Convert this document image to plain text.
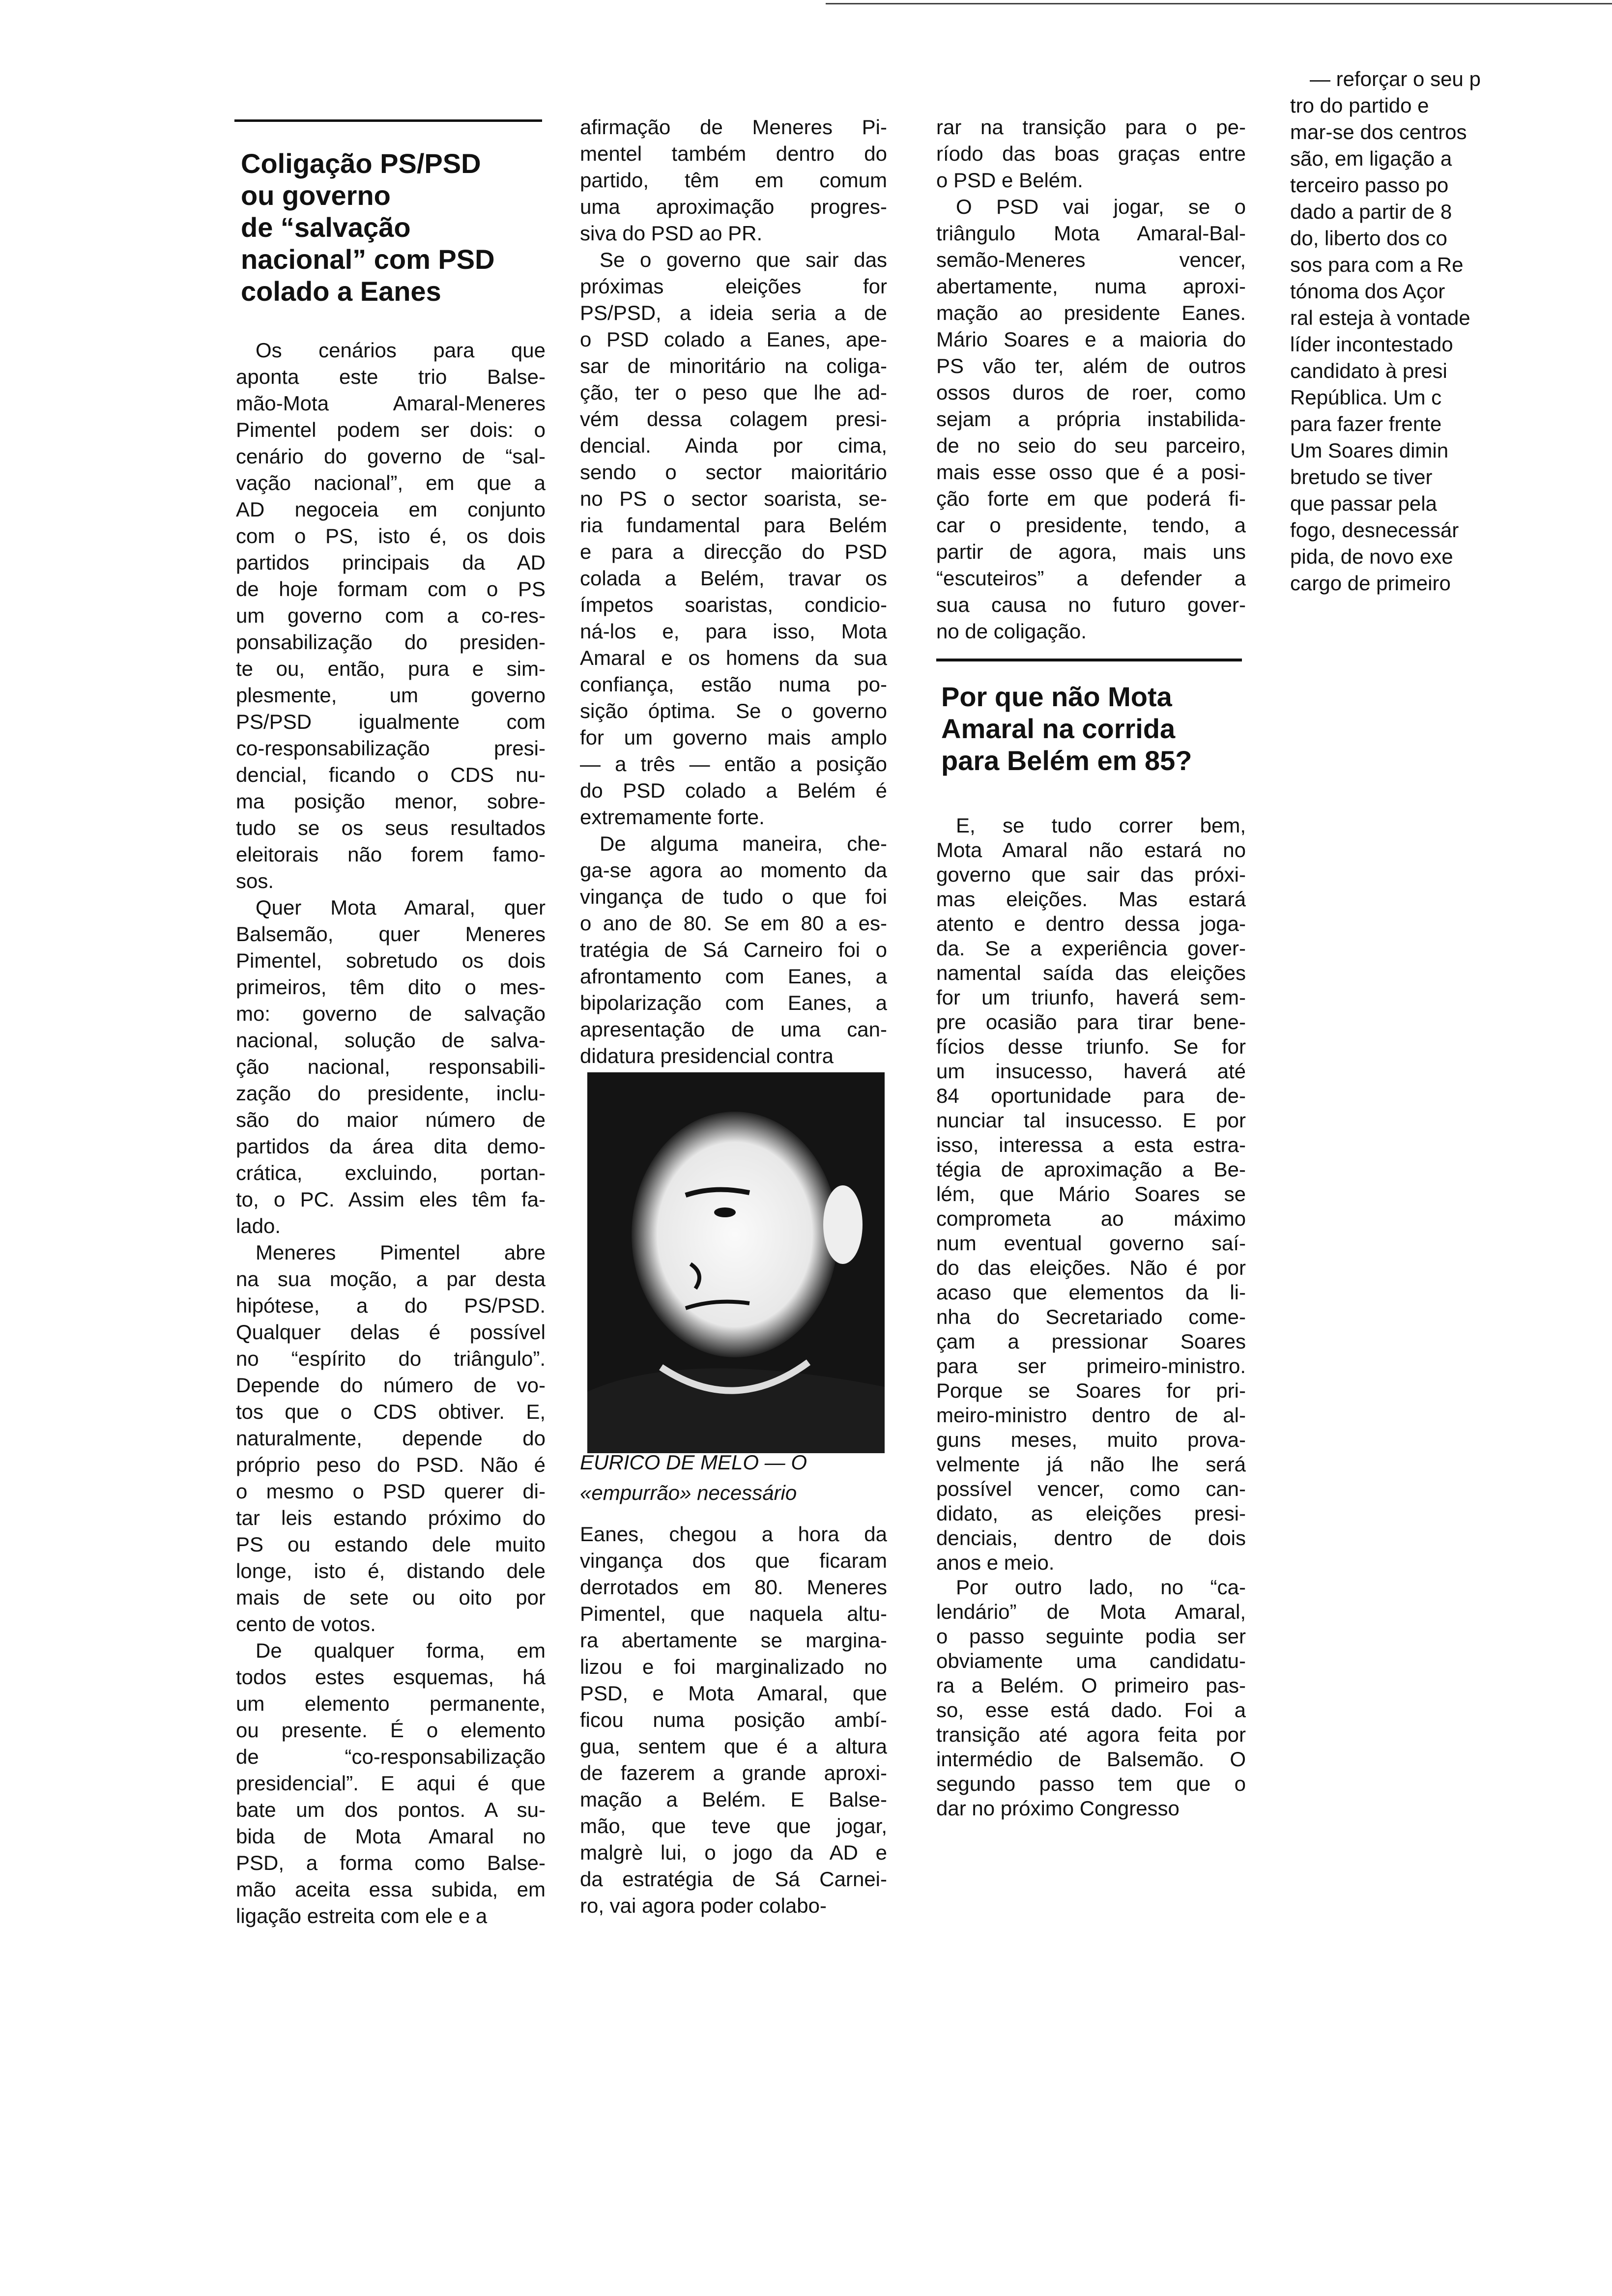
Coligação PS/PSD
ou governo
de “salvação
nacional” com PSD
colado a Eanes
Os cenários para que
aponta este trio Balse-
mão-Mota Amaral-Meneres
Pimentel podem ser dois: o
cenário do governo de “sal-
vação nacional”, em que a
AD negoceia em conjunto
com o PS, isto é, os dois
partidos principais da AD
de hoje formam com o PS
um governo com a co-res-
ponsabilização do presiden-
te ou, então, pura e sim-
plesmente, um governo
PS/PSD igualmente com
co-responsabilização presi-
dencial, ficando o CDS nu-
ma posição menor, sobre-
tudo se os seus resultados
eleitorais não forem famo-
sos.
Quer Mota Amaral, quer
Balsemão, quer Meneres
Pimentel, sobretudo os dois
primeiros, têm dito o mes-
mo: governo de salvação
nacional, solução de salva-
ção nacional, responsabili-
zação do presidente, inclu-
são do maior número de
partidos da área dita demo-
crática, excluindo, portan-
to, o PC. Assim eles têm fa-
lado.
Meneres Pimentel abre
na sua moção, a par desta
hipótese, a do PS/PSD.
Qualquer delas é possível
no “espírito do triângulo”.
Depende do número de vo-
tos que o CDS obtiver. E,
naturalmente, depende do
próprio peso do PSD. Não é
o mesmo o PSD querer di-
tar leis estando próximo do
PS ou estando dele muito
longe, isto é, distando dele
mais de sete ou oito por
cento de votos.
De qualquer forma, em
todos estes esquemas, há
um elemento permanente,
ou presente. É o elemento
de “co-responsabilização
presidencial”. E aqui é que
bate um dos pontos. A su-
bida de Mota Amaral no
PSD, a forma como Balse-
mão aceita essa subida, em
ligação estreita com ele e a
afirmação de Meneres Pi-
mentel também dentro do
partido, têm em comum
uma aproximação progres-
siva do PSD ao PR.
Se o governo que sair das
próximas eleições for
PS/PSD, a ideia seria a de
o PSD colado a Eanes, ape-
sar de minoritário na coliga-
ção, ter o peso que lhe ad-
vém dessa colagem presi-
dencial. Ainda por cima,
sendo o sector maioritário
no PS o sector soarista, se-
ria fundamental para Belém
e para a direcção do PSD
colada a Belém, travar os
ímpetos soaristas, condicio-
ná-los e, para isso, Mota
Amaral e os homens da sua
confiança, estão numa po-
sição óptima. Se o governo
for um governo mais amplo
— a três — então a posição
do PSD colado a Belém é
extremamente forte.
De alguma maneira, che-
ga-se agora ao momento da
vingança de tudo o que foi
o ano de 80. Se em 80 a es-
tratégia de Sá Carneiro foi o
afrontamento com Eanes, a
bipolarização com Eanes, a
apresentação de uma can-
didatura presidencial contra
EURICO DE MELO — O
«empurrão» necessário
Eanes, chegou a hora da
vingança dos que ficaram
derrotados em 80. Meneres
Pimentel, que naquela altu-
ra abertamente se margina-
lizou e foi marginalizado no
PSD, e Mota Amaral, que
ficou numa posição ambí-
gua, sentem que é a altura
de fazerem a grande aproxi-
mação a Belém. E Balse-
mão, que teve que jogar,
malgrè lui, o jogo da AD e
da estratégia de Sá Carnei-
ro, vai agora poder colabo-
rar na transição para o pe-
ríodo das boas graças entre
o PSD e Belém.
O PSD vai jogar, se o
triângulo Mota Amaral-Bal-
semão-Meneres vencer,
abertamente, numa aproxi-
mação ao presidente Eanes.
Mário Soares e a maioria do
PS vão ter, além de outros
ossos duros de roer, como
sejam a própria instabilida-
de no seio do seu parceiro,
mais esse osso que é a posi-
ção forte em que poderá fi-
car o presidente, tendo, a
partir de agora, mais uns
“escuteiros” a defender a
sua causa no futuro gover-
no de coligação.
Por que não Mota
Amaral na corrida
para Belém em 85?
E, se tudo correr bem,
Mota Amaral não estará no
governo que sair das próxi-
mas eleições. Mas estará
atento e dentro dessa joga-
da. Se a experiência gover-
namental saída das eleições
for um triunfo, haverá sem-
pre ocasião para tirar bene-
fícios desse triunfo. Se for
um insucesso, haverá até
84 oportunidade para de-
nunciar tal insucesso. E por
isso, interessa a esta estra-
tégia de aproximação a Be-
lém, que Mário Soares se
comprometa ao máximo
num eventual governo saí-
do das eleições. Não é por
acaso que elementos da li-
nha do Secretariado come-
çam a pressionar Soares
para ser primeiro-ministro.
Porque se Soares for pri-
meiro-ministro dentro de al-
guns meses, muito prova-
velmente já não lhe será
possível vencer, como can-
didato, as eleições presi-
denciais, dentro de dois
anos e meio.
Por outro lado, no “ca-
lendário” de Mota Amaral,
o passo seguinte podia ser
obviamente uma candidatu-
ra a Belém. O primeiro pas-
so, esse está dado. Foi a
transição até agora feita por
intermédio de Balsemão. O
segundo passo tem que o
dar no próximo Congresso
— reforçar o seu p
tro do partido e
mar-se dos centros
são, em ligação a
terceiro passo po
dado a partir de 8
do, liberto dos co
sos para com a Re
tónoma dos Açor
ral esteja à vontade
líder incontestado
candidato à presi
República. Um c
para fazer frente
Um Soares dimin
bretudo se tiver
que passar pela
fogo, desnecessár
pida, de novo exe
cargo de primeiro
